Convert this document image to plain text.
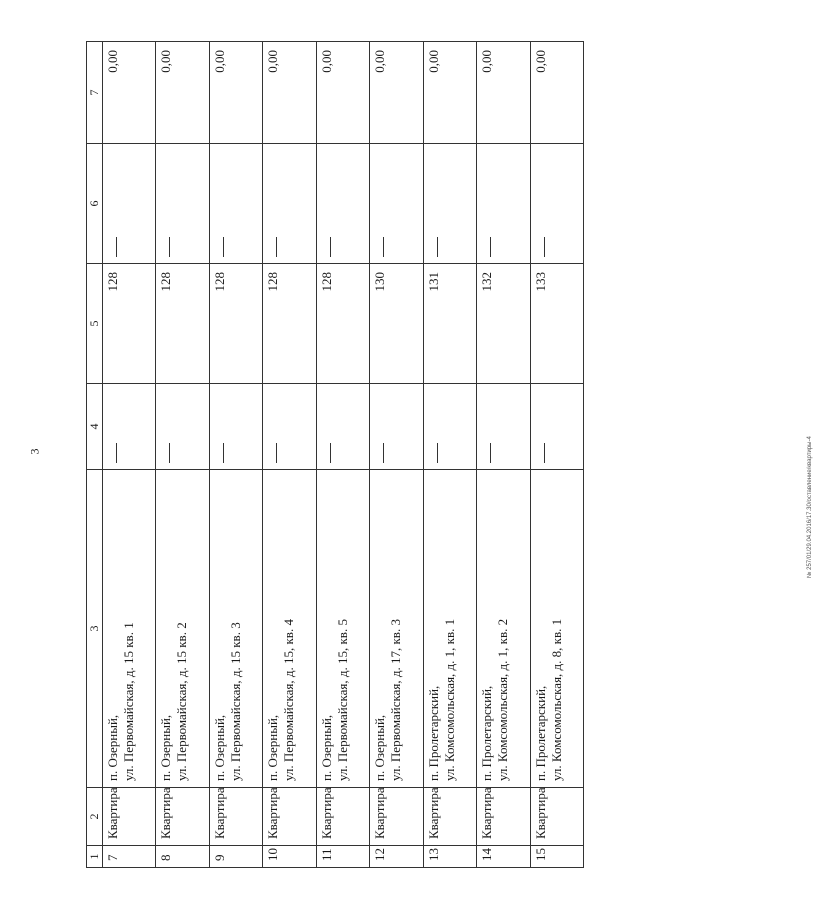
3	№ 257/01/29.04.2016/17.30/оставление/квартиры-4
1	2	3	4	5	6	7
7	Квартира	п. Озерный, ул. Первомайская, д. 15 кв. 1		128		0,00
8	Квартира	п. Озерный, ул. Первомайская, д. 15 кв. 2		128		0,00
9	Квартира	п. Озерный, ул. Первомайская, д. 15 кв. 3		128		0,00
10	Квартира	п. Озерный, ул. Первомайская, д. 15, кв. 4		128		0,00
11	Квартира	п. Озерный, ул. Первомайская, д. 15, кв. 5		128		0,00
12	Квартира	п. Озерный, ул. Первомайская, д. 17, кв. 3		130		0,00
13	Квартира	п. Пролетарский, ул. Комсомольская, д. 1, кв. 1		131		0,00
14	Квартира	п. Пролетарский, ул. Комсомольская, д. 1, кв. 2		132		0,00
15	Квартира	п. Пролетарский, ул. Комсомольская, д. 8, кв. 1		133		0,00
